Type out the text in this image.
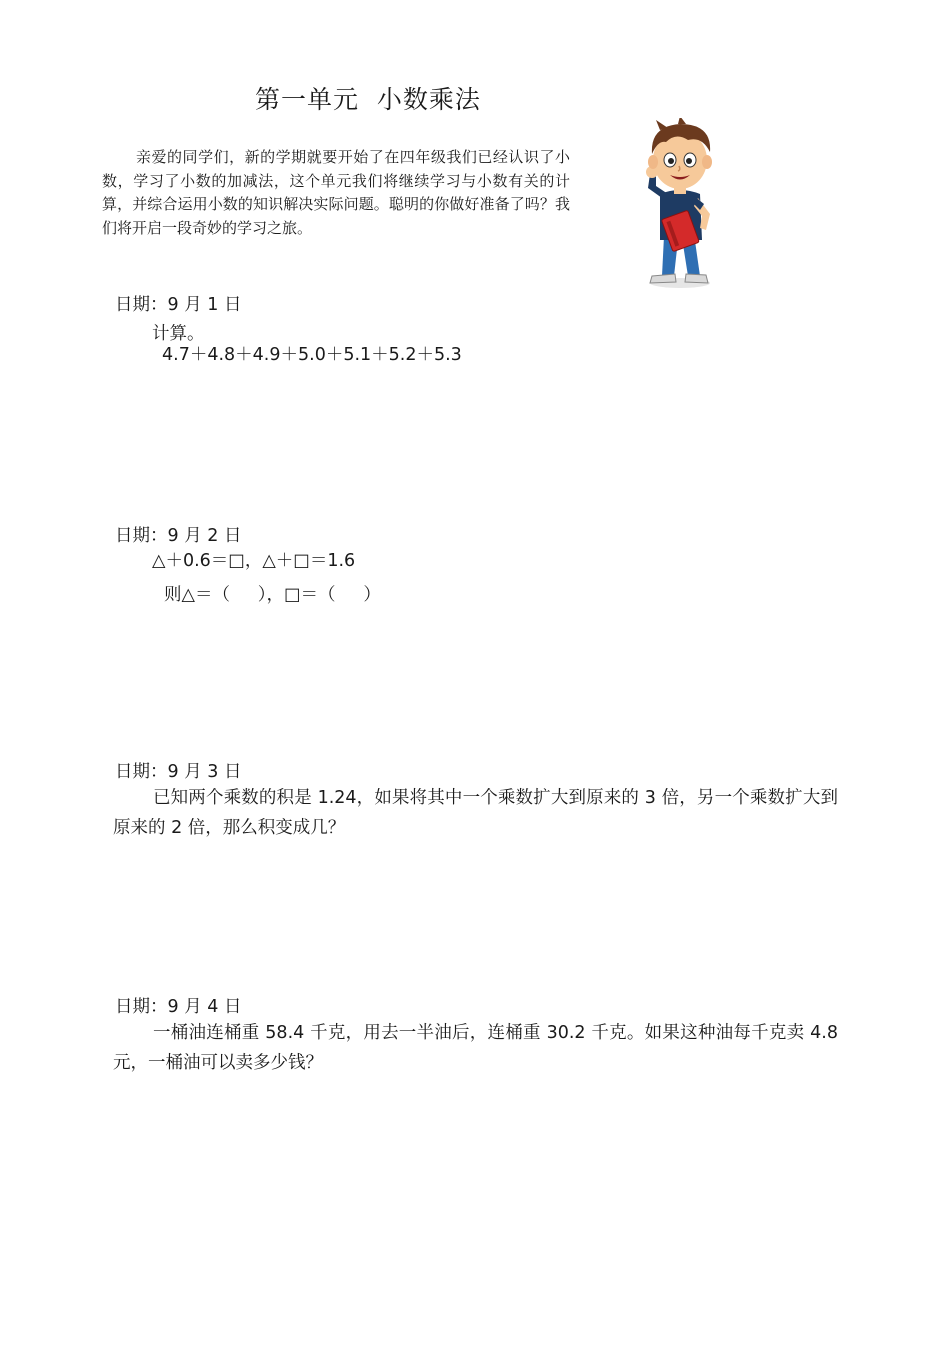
第一单元  小数乘法
亲爱的同学们，新的学期就要开始了在四年级我们已经认识了小数，学习了小数的加减法，这个单元我们将继续学习与小数有关的计算，并综合运用小数的知识解决实际问题。聪明的你做好准备了吗？我们将开启一段奇妙的学习之旅。
日期：9 月 1 日
计算。
4.7＋4.8＋4.9＋5.0＋5.1＋5.2＋5.3
日期：9 月 2 日
△＋0.6＝□，△＋□＝1.6
则△＝（     ），□＝（     ）
日期：9 月 3 日
已知两个乘数的积是 1.24，如果将其中一个乘数扩大到原来的 3 倍，另一个乘数扩大到原来的 2 倍，那么积变成几？
日期：9 月 4 日
一桶油连桶重 58.4 千克，用去一半油后，连桶重 30.2 千克。如果这种油每千克卖 4.8 元，一桶油可以卖多少钱？
